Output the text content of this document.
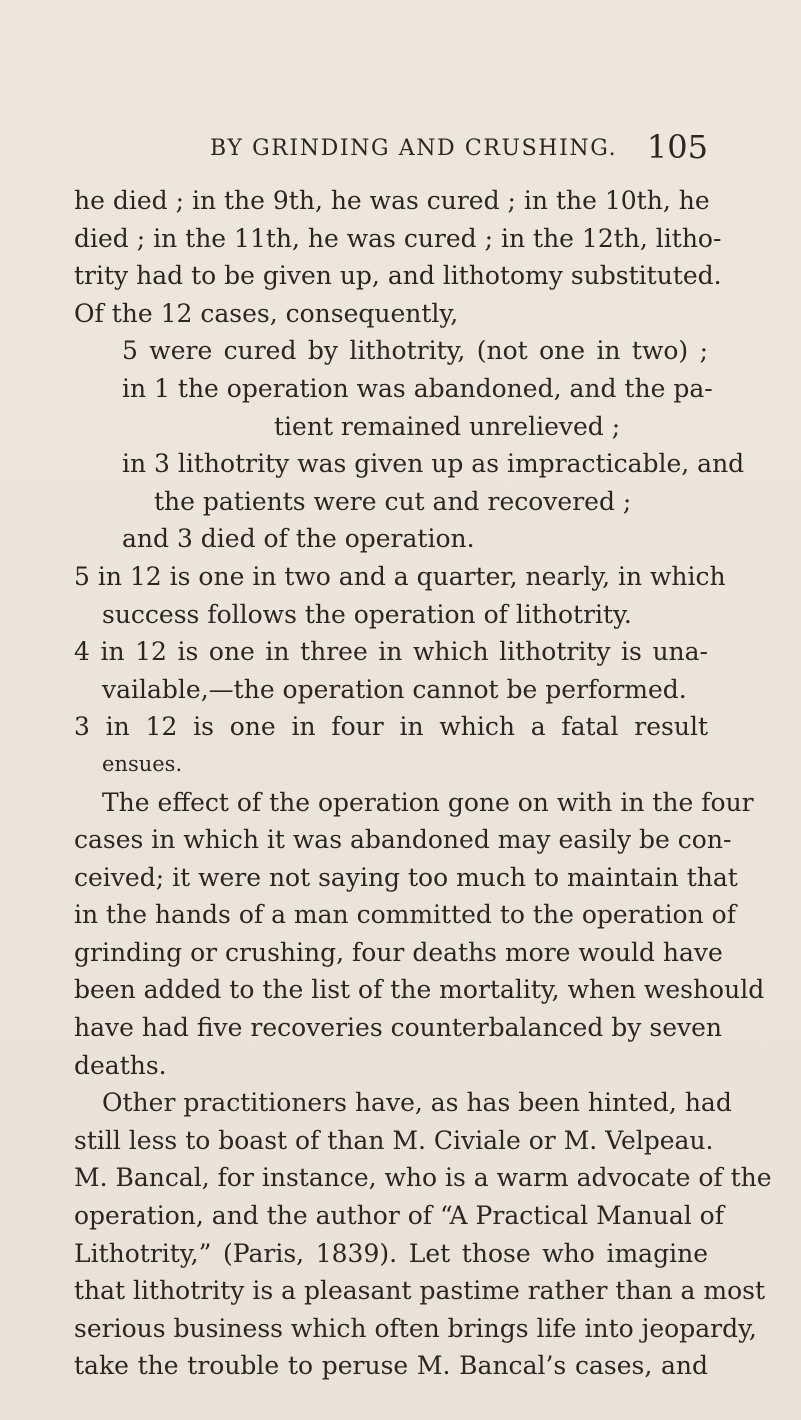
BY GRINDING AND CRUSHING. 105
he died ; in the 9th, he was cured ; in the 10th, he
died ; in the 11th, he was cured ; in the 12th, litho-
trity had to be given up, and lithotomy substituted.
Of the 12 cases, consequently,
5 were cured by lithotrity, (not one in two) ;
in 1 the operation was abandoned, and the pa-
tient remained unrelieved ;
in 3 lithotrity was given up as impracticable, and
the patients were cut and recovered ;
and 3 died of the operation.
5 in 12 is one in two and a quarter, nearly, in which
success follows the operation of lithotrity.
4 in 12 is one in three in which lithotrity is una-
vailable,—the operation cannot be performed.
3 in 12 is one in four in which a fatal result
ensues.
The effect of the operation gone on with in the four
cases in which it was abandoned may easily be con-
ceived; it were not saying too much to maintain that
in the hands of a man committed to the operation of
grinding or crushing, four deaths more would have
been added to the list of the mortality, when weshould
have had five recoveries counterbalanced by seven
deaths.
Other practitioners have, as has been hinted, had
still less to boast of than M. Civiale or M. Velpeau.
M. Bancal, for instance, who is a warm advocate of the
operation, and the author of “A Practical Manual of
Lithotrity,” (Paris, 1839). Let those who imagine
that lithotrity is a pleasant pastime rather than a most
serious business which often brings life into jeopardy,
take the trouble to peruse M. Bancal’s cases, and
